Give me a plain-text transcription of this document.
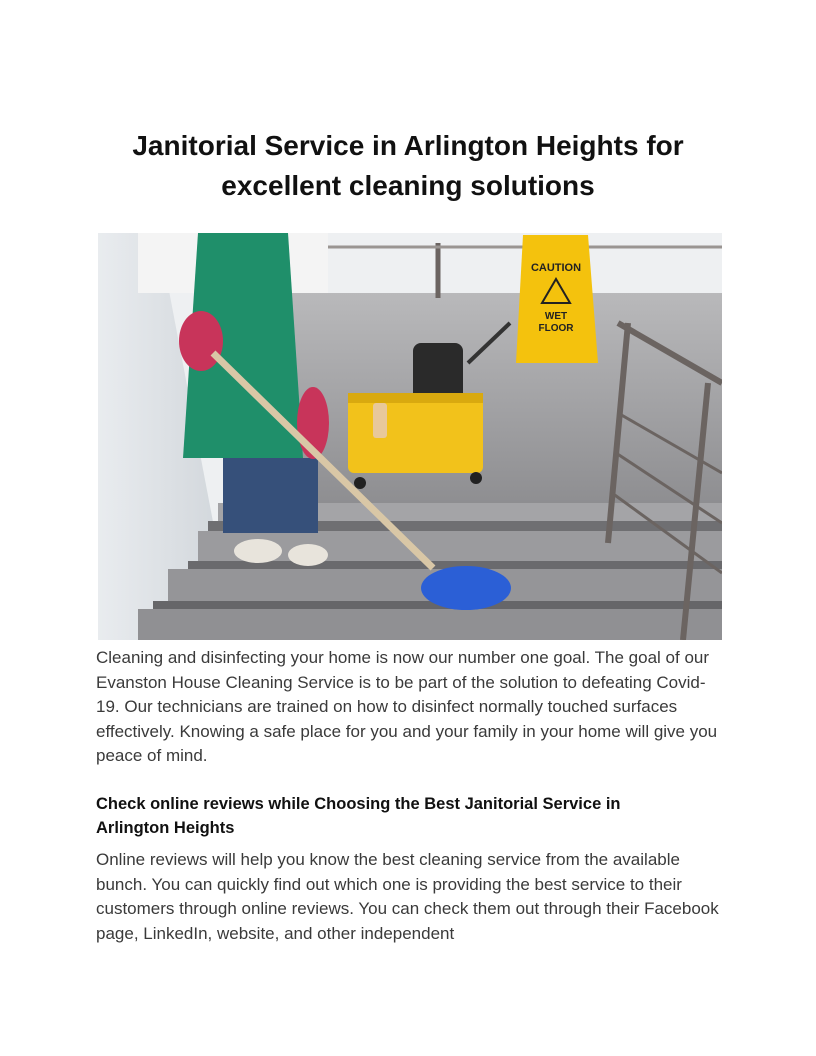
Janitorial Service in Arlington Heights for
excellent cleaning solutions
CAUTION
WET
FLOOR

Cleaning and disinfecting your home is now our number one goal. The goal of our Evanston House Cleaning Service is to be part of the solution to defeating Covid-19. Our technicians are trained on how to disinfect normally touched surfaces effectively. Knowing a safe place for you and your family in your home will give you peace of mind.

Check online reviews while Choosing the Best Janitorial Service in Arlington Heights

Online reviews will help you know the best cleaning service from the available bunch. You can quickly find out which one is providing the best service to their customers through online reviews. You can check them out through their Facebook page, LinkedIn, website, and other independent
